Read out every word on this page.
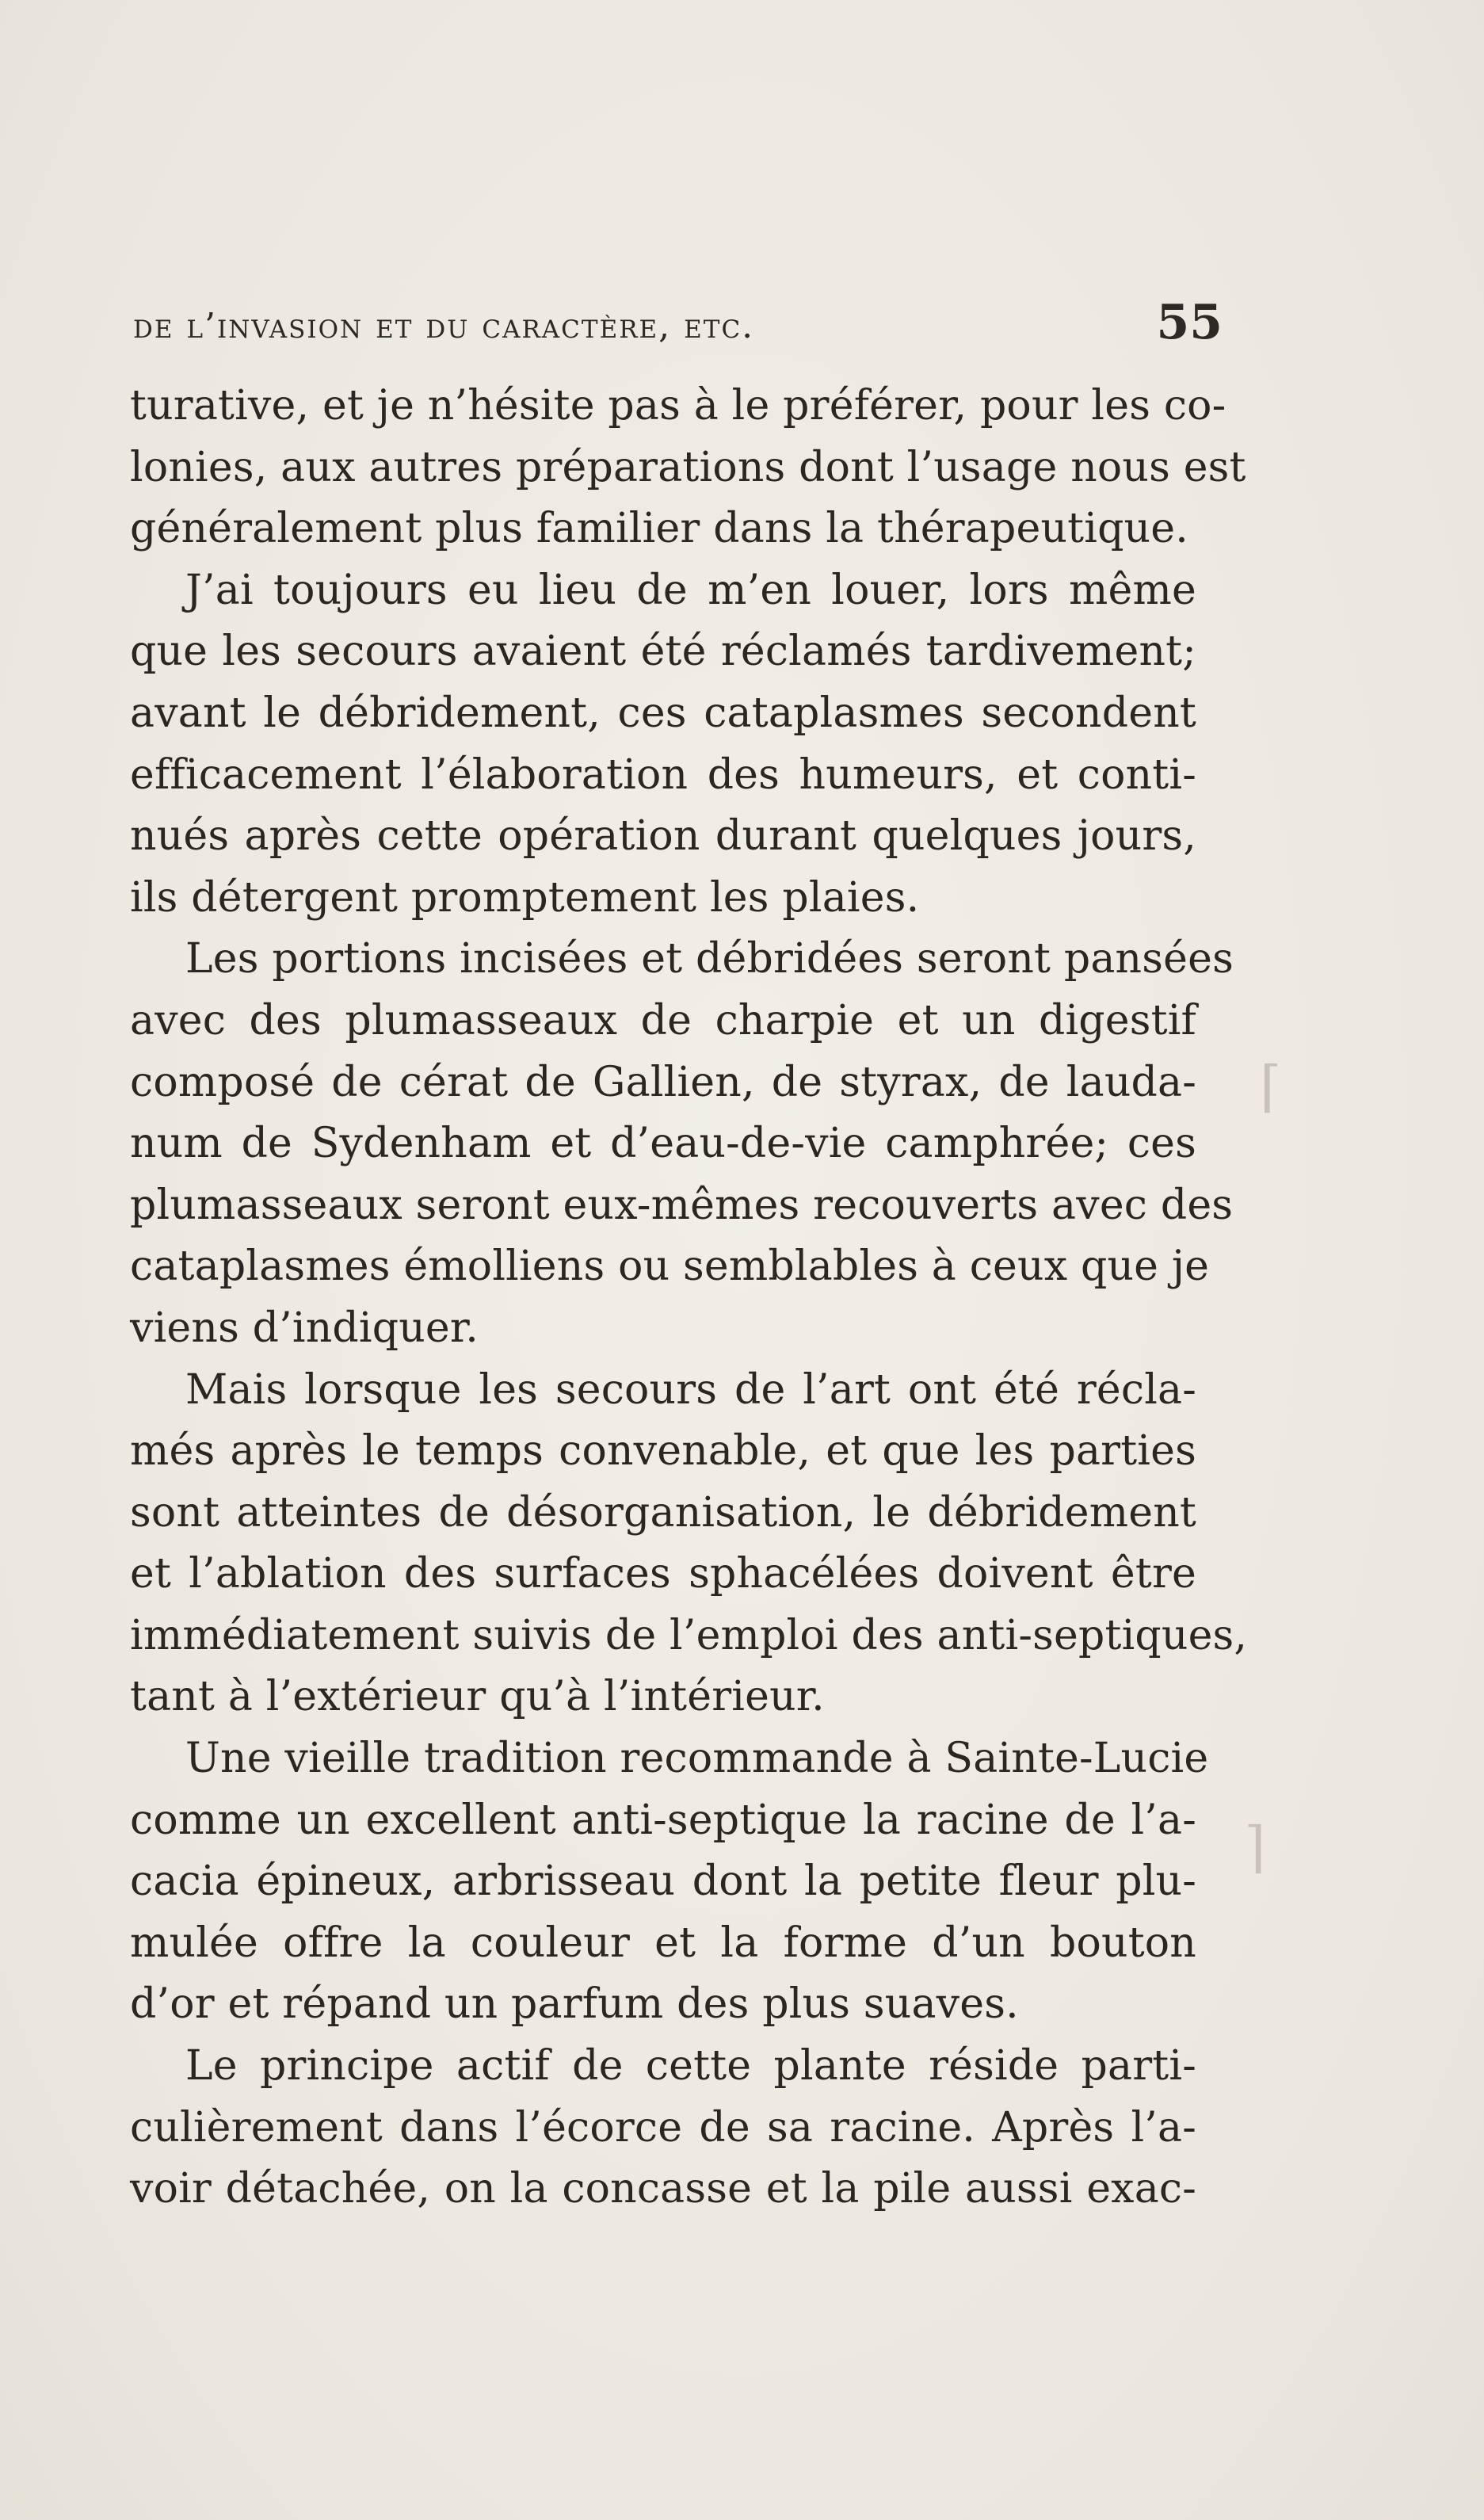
de l’invasion et du caractère, etc.	55
turative, et je n’hésite pas à le préférer, pour les co-
lonies, aux autres préparations dont l’usage nous est
généralement plus familier dans la thérapeutique.
J’ai toujours eu lieu de m’en louer, lors même
que les secours avaient été réclamés tardivement;
avant le débridement, ces cataplasmes secondent
efficacement l’élaboration des humeurs, et conti-
nués après cette opération durant quelques jours,
ils détergent promptement les plaies.
Les portions incisées et débridées seront pansées
avec des plumasseaux de charpie et un digestif
composé de cérat de Gallien, de styrax, de lauda-
num de Sydenham et d’eau-de-vie camphrée; ces
plumasseaux seront eux-mêmes recouverts avec des
cataplasmes émolliens ou semblables à ceux que je
viens d’indiquer.
Mais lorsque les secours de l’art ont été récla-
més après le temps convenable, et que les parties
sont atteintes de désorganisation, le débridement
et l’ablation des surfaces sphacélées doivent être
immédiatement suivis de l’emploi des anti-septiques,
tant à l’extérieur qu’à l’intérieur.
Une vieille tradition recommande à Sainte-Lucie
comme un excellent anti-septique la racine de l’a-
cacia épineux, arbrisseau dont la petite fleur plu-
mulée offre la couleur et la forme d’un bouton
d’or et répand un parfum des plus suaves.
Le principe actif de cette plante réside parti-
culièrement dans l’écorce de sa racine. Après l’a-
voir détachée, on la concasse et la pile aussi exac-
⌈
⌉
